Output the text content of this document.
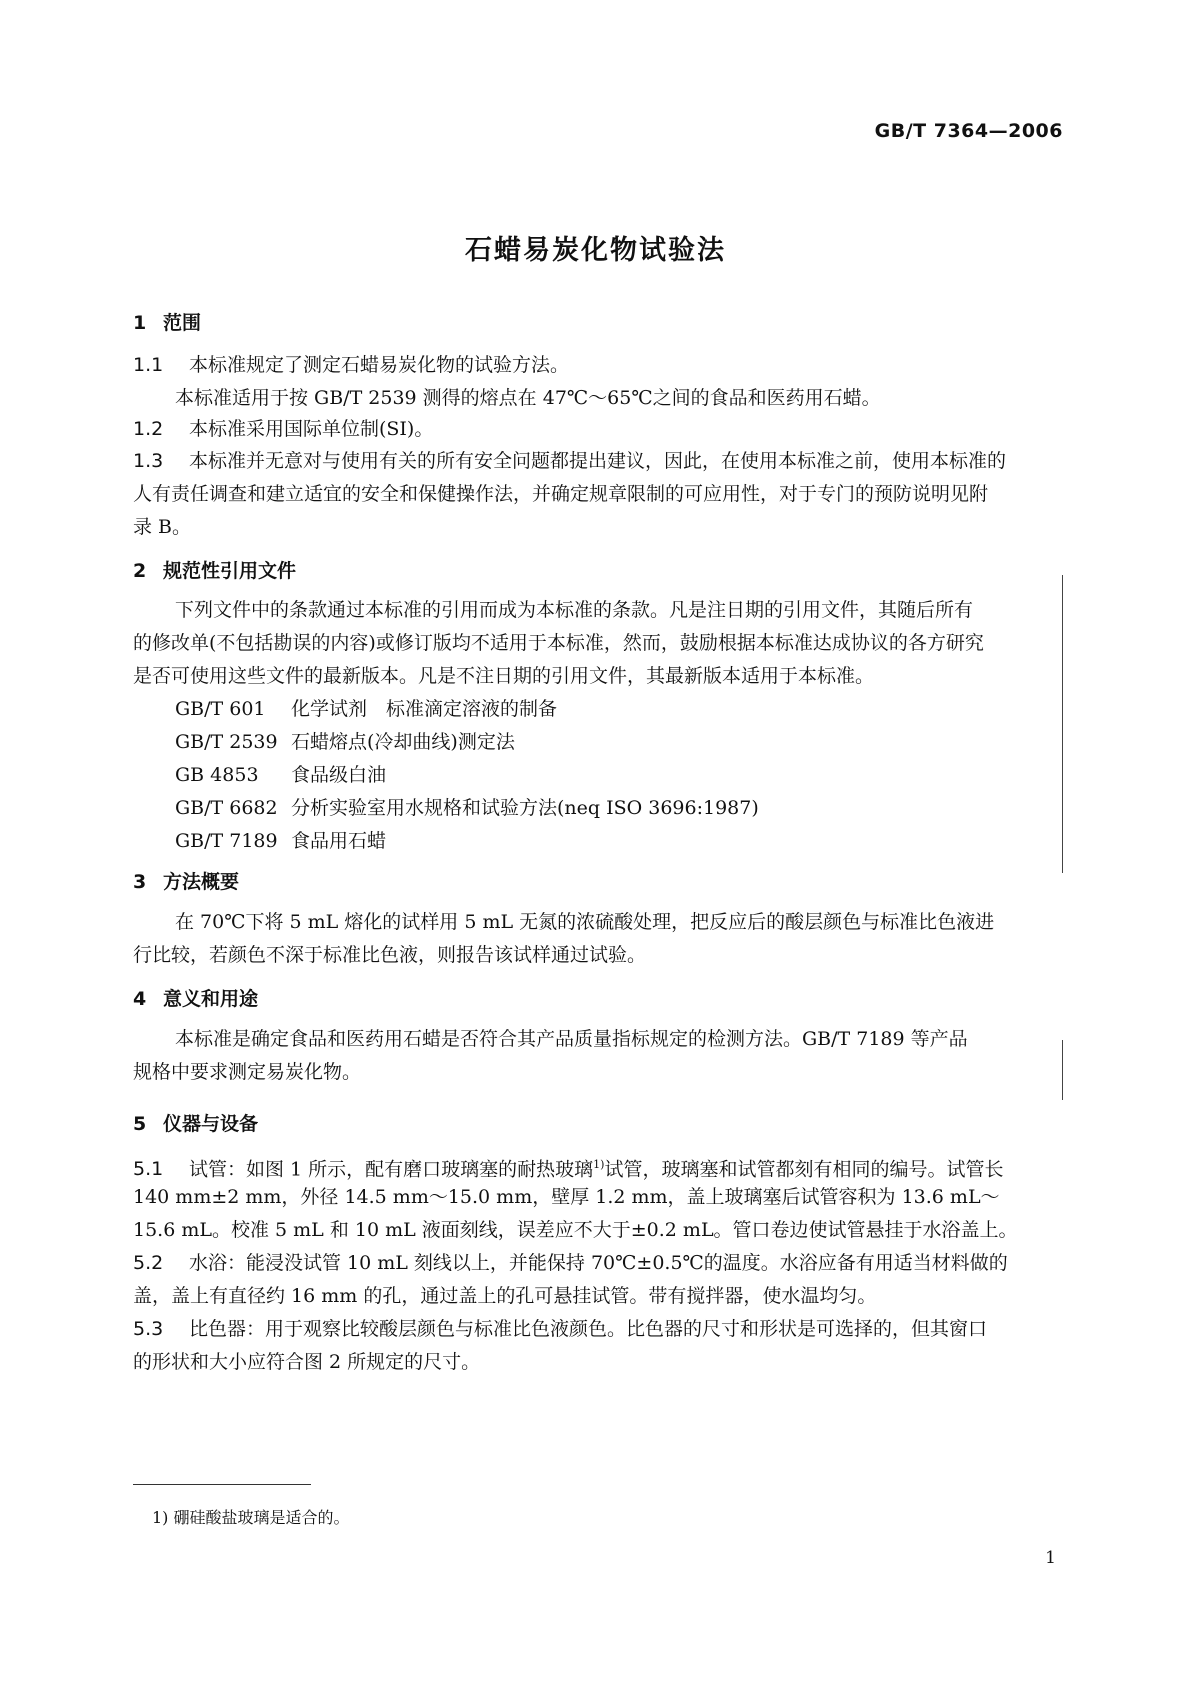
GB/T 7364—2006
石蜡易炭化物试验法
1 范围
1.1 本标准规定了测定石蜡易炭化物的试验方法。
本标准适用于按 GB/T 2539 测得的熔点在 47℃～65℃之间的食品和医药用石蜡。
1.2 本标准采用国际单位制(SI)。
1.3 本标准并无意对与使用有关的所有安全问题都提出建议，因此，在使用本标准之前，使用本标准的
人有责任调查和建立适宜的安全和保健操作法，并确定规章限制的可应用性，对于专门的预防说明见附
录 B。
2 规范性引用文件
下列文件中的条款通过本标准的引用而成为本标准的条款。凡是注日期的引用文件，其随后所有
的修改单(不包括勘误的内容)或修订版均不适用于本标准，然而，鼓励根据本标准达成协议的各方研究
是否可使用这些文件的最新版本。凡是不注日期的引用文件，其最新版本适用于本标准。
GB/T 601 化学试剂　标准滴定溶液的制备
GB/T 2539 石蜡熔点(冷却曲线)测定法
GB 4853 食品级白油
GB/T 6682 分析实验室用水规格和试验方法(neq ISO 3696:1987)
GB/T 7189 食品用石蜡
3 方法概要
在 70℃下将 5 mL 熔化的试样用 5 mL 无氮的浓硫酸处理，把反应后的酸层颜色与标准比色液进
行比较，若颜色不深于标准比色液，则报告该试样通过试验。
4 意义和用途
本标准是确定食品和医药用石蜡是否符合其产品质量指标规定的检测方法。GB/T 7189 等产品
规格中要求测定易炭化物。
5 仪器与设备
5.1 试管：如图 1 所示，配有磨口玻璃塞的耐热玻璃$^{1)}$试管，玻璃塞和试管都刻有相同的编号。试管长
140 mm±2 mm，外径 14.5 mm～15.0 mm，壁厚 1.2 mm，盖上玻璃塞后试管容积为 13.6 mL～
15.6 mL。校准 5 mL 和 10 mL 液面刻线，误差应不大于±0.2 mL。管口卷边使试管悬挂于水浴盖上。
5.2 水浴：能浸没试管 10 mL 刻线以上，并能保持 70℃±0.5℃的温度。水浴应备有用适当材料做的
盖，盖上有直径约 16 mm 的孔，通过盖上的孔可悬挂试管。带有搅拌器，使水温均匀。
5.3 比色器：用于观察比较酸层颜色与标准比色液颜色。比色器的尺寸和形状是可选择的，但其窗口
的形状和大小应符合图 2 所规定的尺寸。
1) 硼硅酸盐玻璃是适合的。
1
